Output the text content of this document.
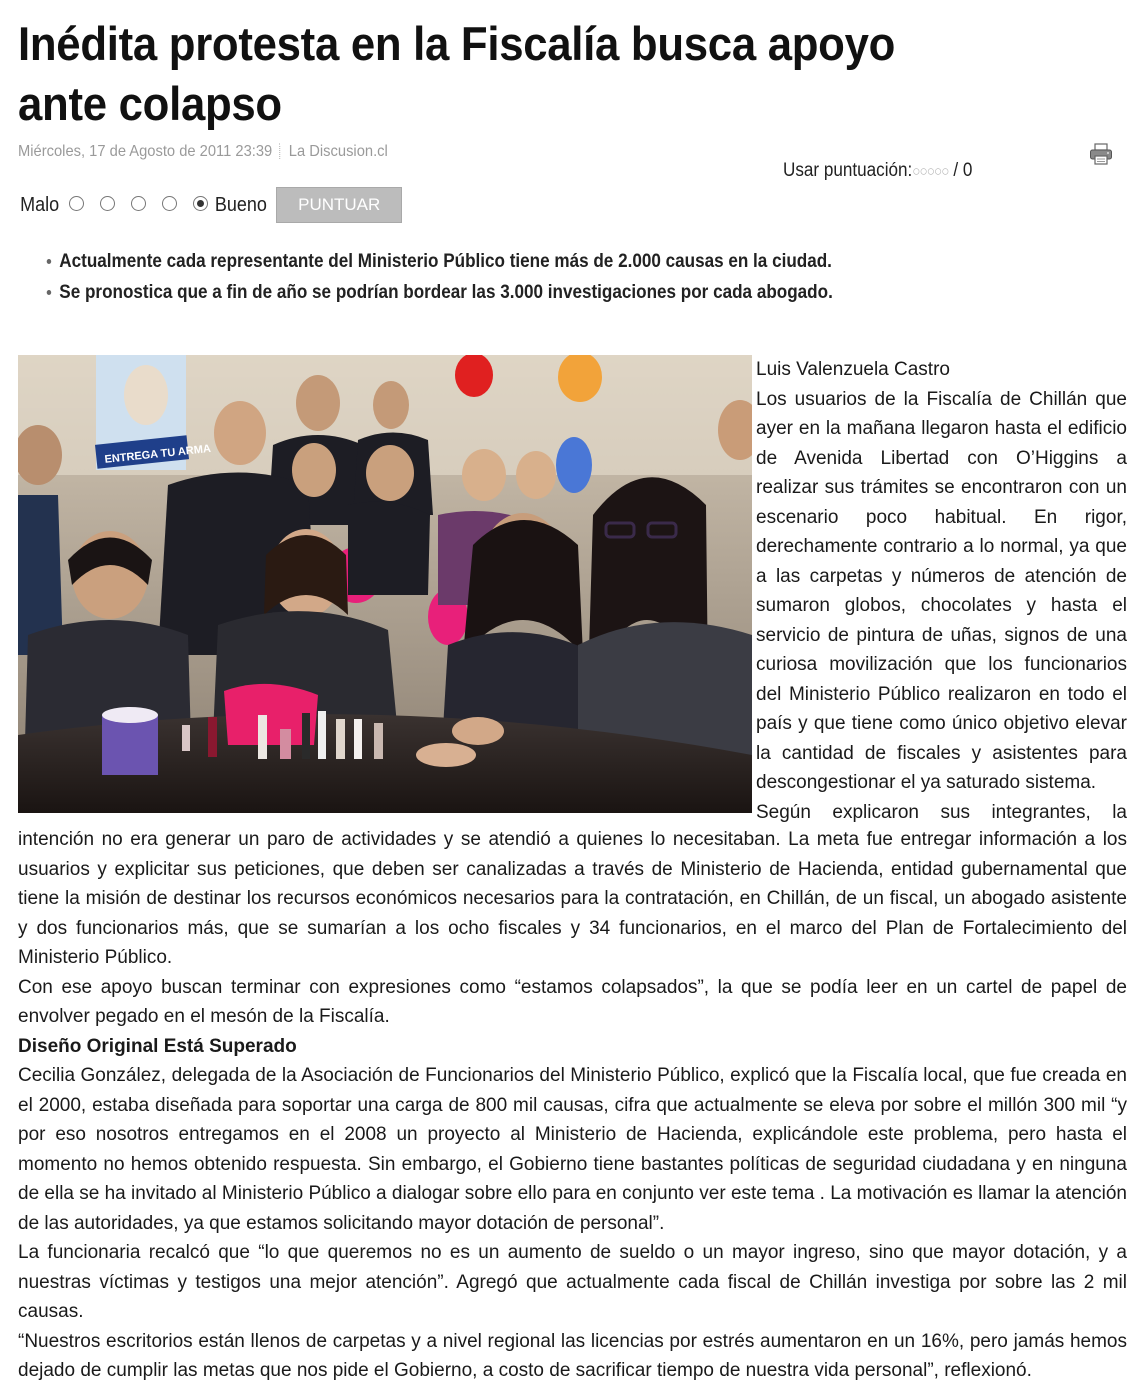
Inédita protesta en la Fiscalía busca apoyo ante colapso
Miércoles, 17 de Agosto de 2011 23:39 La Discusion.cl
Usar puntuación:○○○○○ / 0
Malo	Bueno	PUNTUAR
Actualmente cada representante del Ministerio Público tiene más de 2.000 causas en la ciudad.
Se pronostica que a fin de año se podrían bordear las 3.000 investigaciones por cada abogado.
ENTREGA TU ARMA

Luis Valenzuela Castro

Los usuarios de la Fiscalía de Chillán que ayer en la mañana llegaron hasta el edificio de Avenida Libertad con O’Higgins a realizar sus trámites se encontraron con un escenario poco habitual. En rigor, derechamente contrario a lo normal, ya que a las carpetas y números de atención de sumaron globos, chocolates y hasta el servicio de pintura de uñas, signos de una curiosa movilización que los funcionarios del Ministerio Público realizaron en todo el país y que tiene como único objetivo elevar la cantidad de fiscales y asistentes para descongestionar el ya saturado sistema.

Según explicaron sus integrantes, la

intención no era generar un paro de actividades y se atendió a quienes lo necesitaban. La meta fue entregar información a los usuarios y explicitar sus peticiones, que deben ser canalizadas a través de Ministerio de Hacienda, entidad gubernamental que tiene la misión de destinar los recursos económicos necesarios para la contratación, en Chillán, de un fiscal, un abogado asistente y dos funcionarios más, que se sumarían a los ocho fiscales y 34 funcionarios, en el marco del Plan de Fortalecimiento del Ministerio Público.

Con ese apoyo buscan terminar con expresiones como “estamos colapsados”, la que se podía leer en un cartel de papel de envolver pegado en el mesón de la Fiscalía.

Diseño Original Está Superado

Cecilia González, delegada de la Asociación de Funcionarios del Ministerio Público, explicó que la Fiscalía local, que fue creada en el 2000, estaba diseñada para soportar una carga de 800 mil causas, cifra que actualmente se eleva por sobre el millón 300 mil “y por eso nosotros entregamos en el 2008 un proyecto al Ministerio de Hacienda, explicándole este problema, pero hasta el momento no hemos obtenido respuesta. Sin embargo, el Gobierno tiene bastantes políticas de seguridad ciudadana y en ninguna de ella se ha invitado al Ministerio Público a dialogar sobre ello para en conjunto ver este tema . La motivación es llamar la atención de las autoridades, ya que estamos solicitando mayor dotación de personal”.

La funcionaria recalcó que “lo que queremos no es un aumento de sueldo o un mayor ingreso, sino que mayor dotación, y a nuestras víctimas y testigos una mejor atención”. Agregó que actualmente cada fiscal de Chillán investiga por sobre las 2 mil causas.

“Nuestros escritorios están llenos de carpetas y a nivel regional las licencias por estrés aumentaron en un 16%, pero jamás hemos dejado de cumplir las metas que nos pide el Gobierno, a costo de sacrificar tiempo de nuestra vida personal”, reflexionó.
